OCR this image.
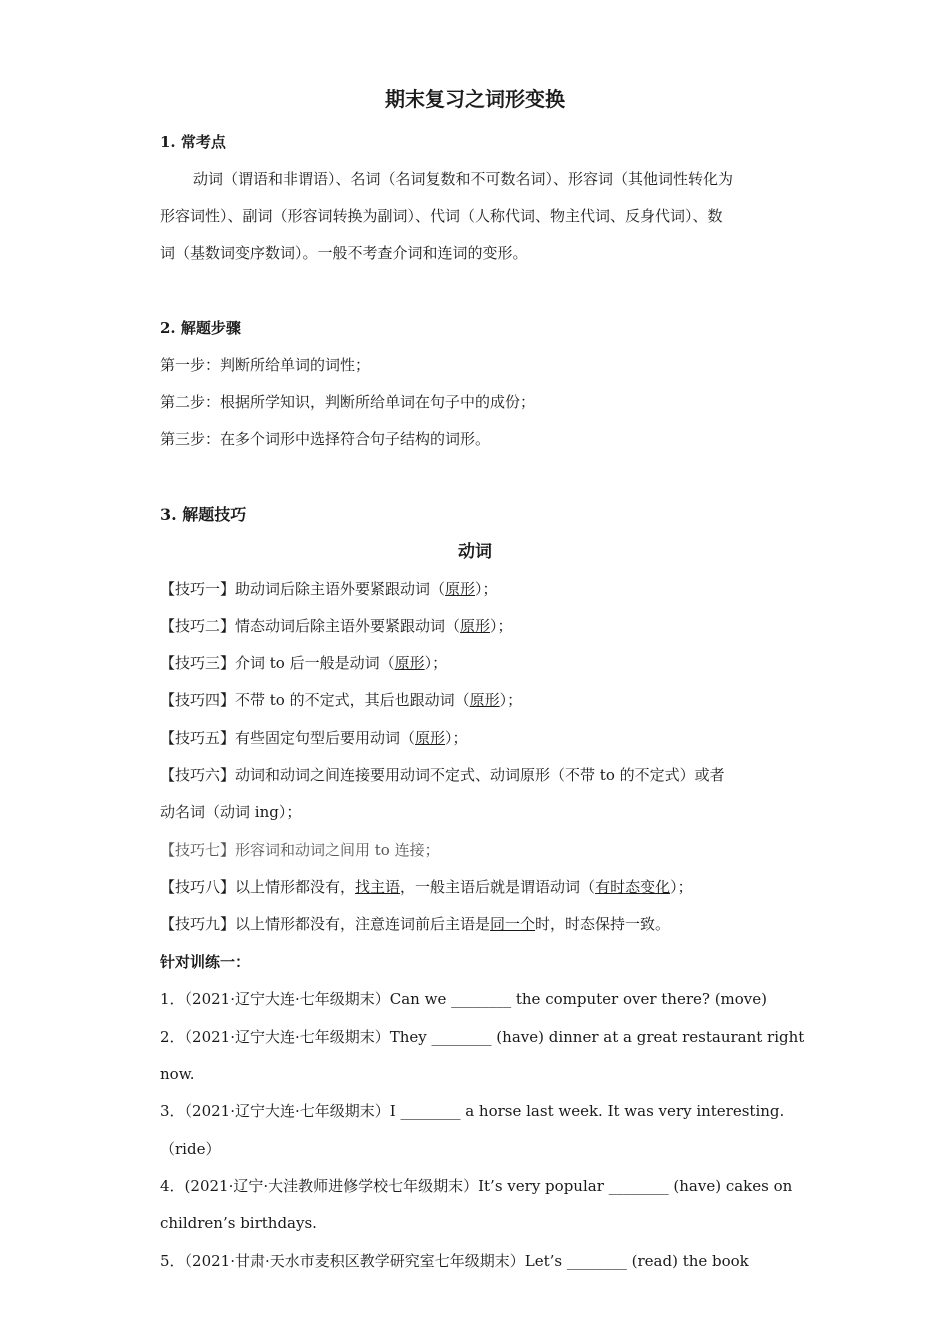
期末复习之词形变换
1. 常考点
动词（谓语和非谓语）、名词（名词复数和不可数名词）、形容词（其他词性转化为
形容词性）、副词（形容词转换为副词）、代词（人称代词、物主代词、反身代词）、数
词（基数词变序数词）。一般不考查介词和连词的变形。
2. 解题步骤
第一步：判断所给单词的词性；
第二步：根据所学知识，判断所给单词在句子中的成份；
第三步：在多个词形中选择符合句子结构的词形。
3. 解题技巧
动词
【技巧一】助动词后除主语外要紧跟动词（原形）；
【技巧二】情态动词后除主语外要紧跟动词（原形）；
【技巧三】介词 to 后一般是动词（原形）；
【技巧四】不带 to 的不定式，其后也跟动词（原形）；
【技巧五】有些固定句型后要用动词（原形）；
【技巧六】动词和动词之间连接要用动词不定式、动词原形（不带 to 的不定式）或者
动名词（动词 ing）；
【技巧七】形容词和动词之间用 to 连接；
【技巧八】以上情形都没有，找主语，一般主语后就是谓语动词（有时态变化）；
【技巧九】以上情形都没有，注意连词前后主语是同一个时，时态保持一致。
针对训练一：
1．（2021·辽宁大连·七年级期末）Can we ________ the computer over there? (move)
2．（2021·辽宁大连·七年级期末）They ________ (have) dinner at a great restaurant right
now.
3．（2021·辽宁大连·七年级期末）I ________ a horse last week. It was very interesting.
（ride）
4．(2021·辽宁·大洼教师进修学校七年级期末）It’s very popular ________ (have) cakes on
children’s birthdays.
5．（2021·甘肃·天水市麦积区教学研究室七年级期末）Let’s ________ (read) the book
